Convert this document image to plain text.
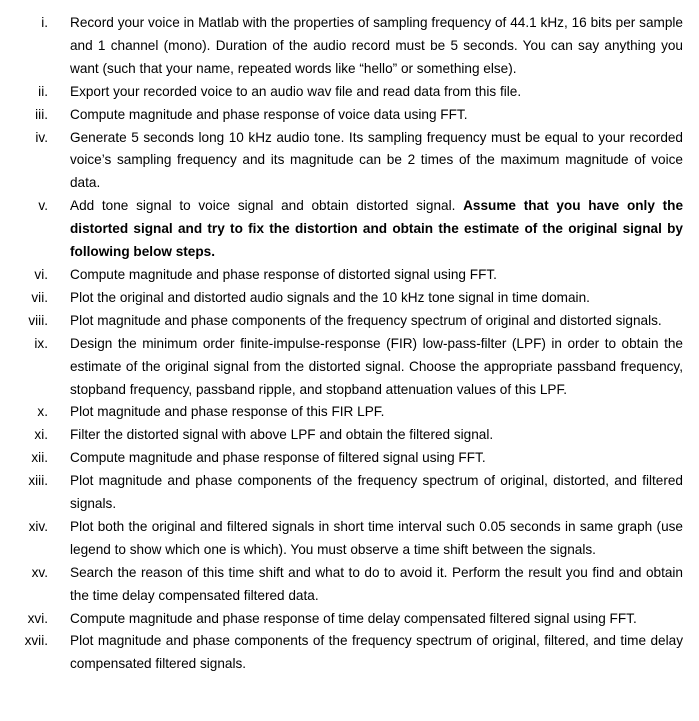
i. Record your voice in Matlab with the properties of sampling frequency of 44.1 kHz, 16 bits per sample and 1 channel (mono). Duration of the audio record must be 5 seconds. You can say anything you want (such that your name, repeated words like “hello” or something else).
ii. Export your recorded voice to an audio wav file and read data from this file.
iii. Compute magnitude and phase response of voice data using FFT.
iv. Generate 5 seconds long 10 kHz audio tone. Its sampling frequency must be equal to your recorded voice’s sampling frequency and its magnitude can be 2 times of the maximum magnitude of voice data.
v. Add tone signal to voice signal and obtain distorted signal. Assume that you have only the distorted signal and try to fix the distortion and obtain the estimate of the original signal by following below steps.
vi. Compute magnitude and phase response of distorted signal using FFT.
vii. Plot the original and distorted audio signals and the 10 kHz tone signal in time domain.
viii. Plot magnitude and phase components of the frequency spectrum of original and distorted signals.
ix. Design the minimum order finite-impulse-response (FIR) low-pass-filter (LPF) in order to obtain the estimate of the original signal from the distorted signal. Choose the appropriate passband frequency, stopband frequency, passband ripple, and stopband attenuation values of this LPF.
x. Plot magnitude and phase response of this FIR LPF.
xi. Filter the distorted signal with above LPF and obtain the filtered signal.
xii. Compute magnitude and phase response of filtered signal using FFT.
xiii. Plot magnitude and phase components of the frequency spectrum of original, distorted, and filtered signals.
xiv. Plot both the original and filtered signals in short time interval such 0.05 seconds in same graph (use legend to show which one is which). You must observe a time shift between the signals.
xv. Search the reason of this time shift and what to do to avoid it. Perform the result you find and obtain the time delay compensated filtered data.
xvi. Compute magnitude and phase response of time delay compensated filtered signal using FFT.
xvii. Plot magnitude and phase components of the frequency spectrum of original, filtered, and time delay compensated filtered signals.
